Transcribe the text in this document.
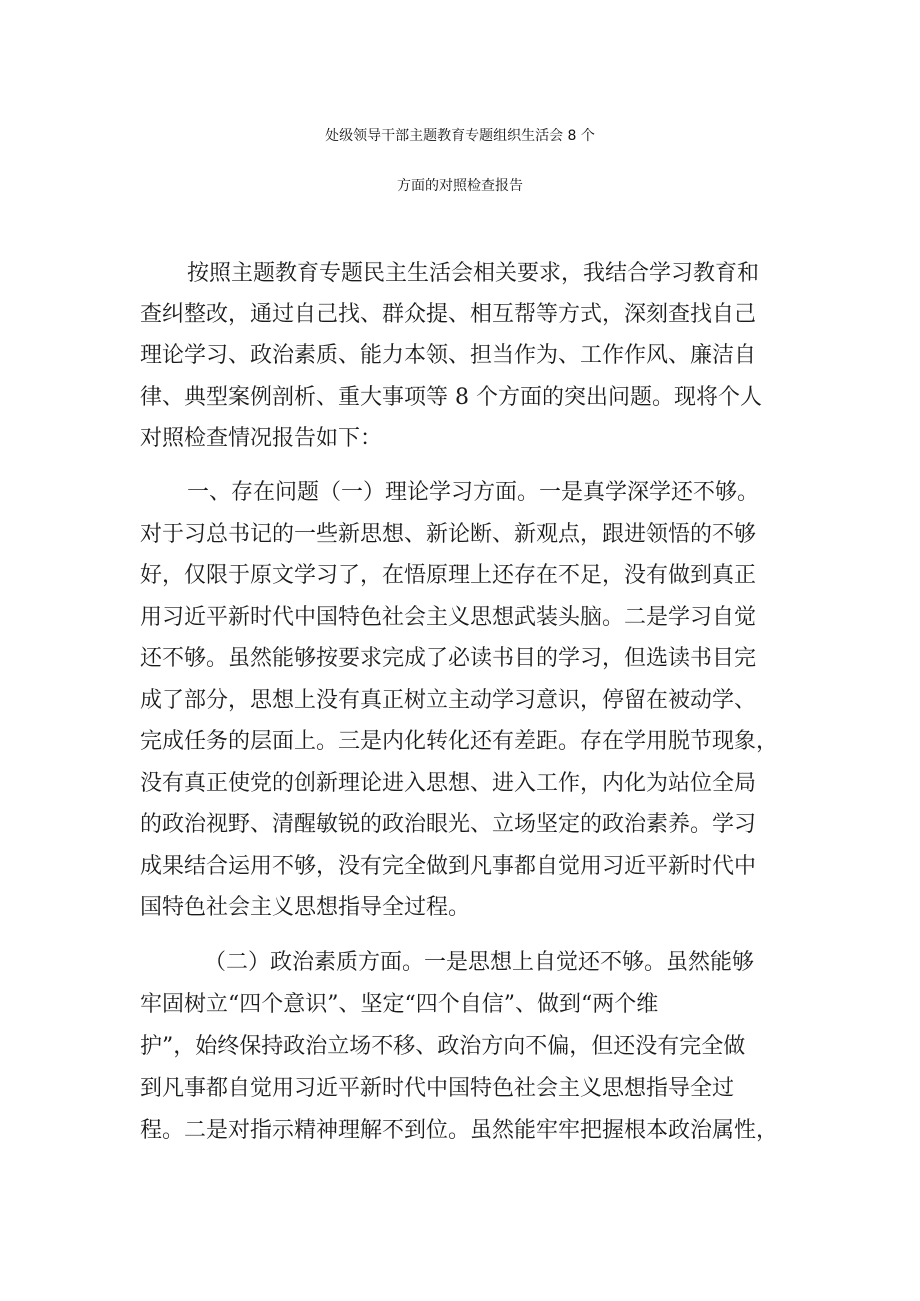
处级领导干部主题教育专题组织生活会 8 个
方面的对照检查报告
按照主题教育专题民主生活会相关要求，我结合学习教育和
查纠整改，通过自己找、群众提、相互帮等方式，深刻查找自己
理论学习、政治素质、能力本领、担当作为、工作作风、廉洁自
律、典型案例剖析、重大事项等 8 个方面的突出问题。现将个人
对照检查情况报告如下：
一、存在问题（一）理论学习方面。一是真学深学还不够。
对于习总书记的一些新思想、新论断、新观点，跟进领悟的不够
好，仅限于原文学习了，在悟原理上还存在不足，没有做到真正
用习近平新时代中国特色社会主义思想武装头脑。二是学习自觉
还不够。虽然能够按要求完成了必读书目的学习，但选读书目完
成了部分，思想上没有真正树立主动学习意识，停留在被动学、
完成任务的层面上。三是内化转化还有差距。存在学用脱节现象，
没有真正使党的创新理论进入思想、进入工作，内化为站位全局
的政治视野、清醒敏锐的政治眼光、立场坚定的政治素养。学习
成果结合运用不够，没有完全做到凡事都自觉用习近平新时代中
国特色社会主义思想指导全过程。
（二）政治素质方面。一是思想上自觉还不够。虽然能够
牢固树立“四个意识”、坚定“四个自信”、做到“两个维
护”，始终保持政治立场不移、政治方向不偏，但还没有完全做
到凡事都自觉用习近平新时代中国特色社会主义思想指导全过
程。二是对指示精神理解不到位。虽然能牢牢把握根本政治属性，
